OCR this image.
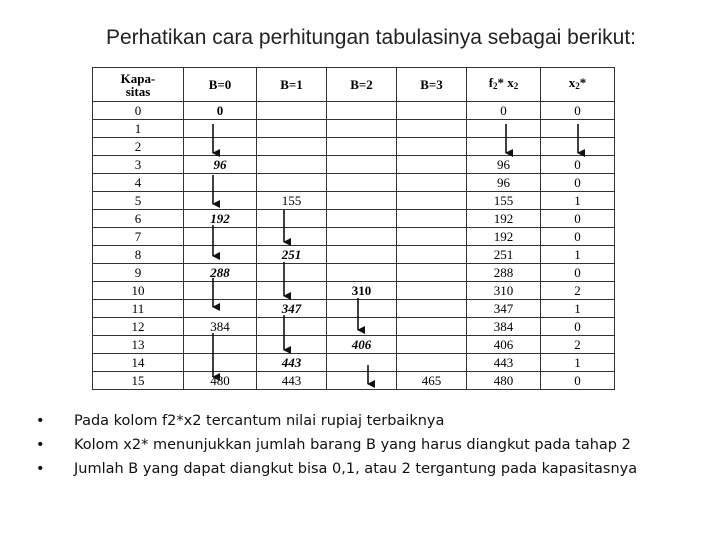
Perhatikan cara perhitungan tabulasinya sebagai berikut:
Kapa-
sitas	B=0	B=1	B=2	B=3	$f_2*$ $x_2$	$x_2*$
0	0				0	0
1						
2						
3	96				96	0
4					96	0
5		155			155	1
6	192				192	0
7					192	0
8		251			251	1
9	288				288	0
10			310		310	2
11		347			347	1
12	384				384	0
13			406		406	2
14		443			443	1
15	480	443		465	480	0
• Pada kolom f2*x2 tercantum nilai rupiaj terbaiknya
• Kolom x2* menunjukkan jumlah barang B yang harus diangkut pada tahap 2
• Jumlah B yang dapat diangkut bisa 0,1, atau 2 tergantung pada kapasitasnya
